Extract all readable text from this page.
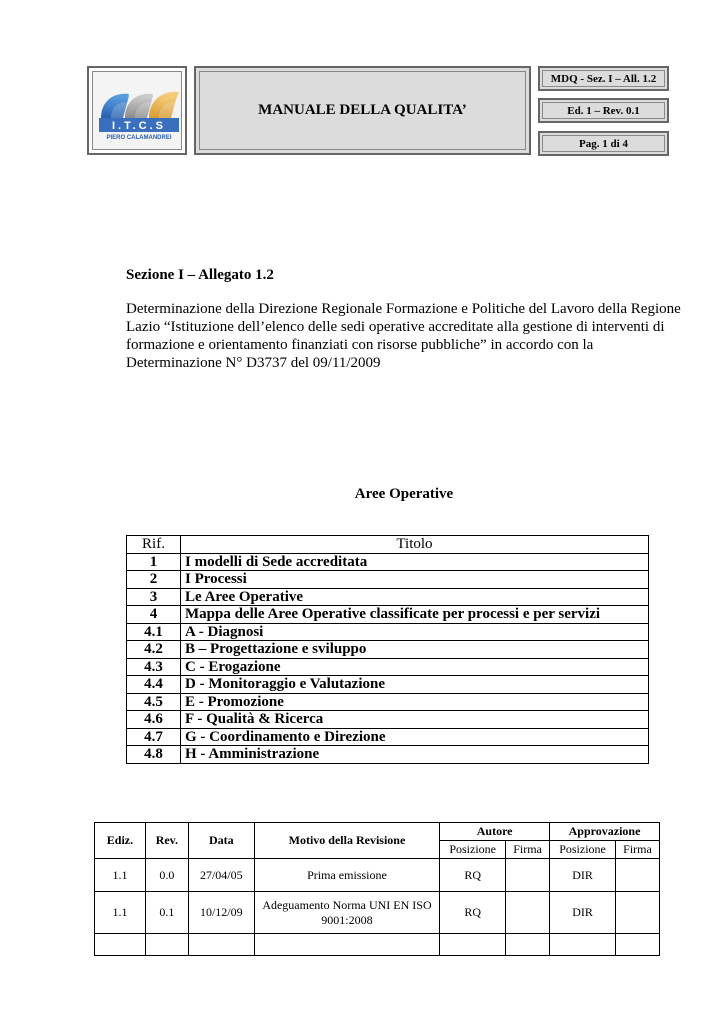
I.T.C.S
PIERO CALAMANDREI
MANUALE DELLA QUALITA’
MDQ - Sez. I – All. 1.2
Ed. 1 – Rev. 0.1
Pag. 1 di 4
Sezione I – Allegato 1.2
Determinazione della Direzione Regionale Formazione e Politiche del Lavoro della Regione Lazio “Istituzione dell’elenco delle sedi operative accreditate alla gestione di interventi di formazione e orientamento finanziati con risorse pubbliche” in accordo con la Determinazione N° D3737 del 09/11/2009
Aree Operative
Rif.	Titolo
1	I modelli di Sede accreditata
2	I Processi
3	Le Aree Operative
4	Mappa delle Aree Operative classificate per processi e per servizi
4.1	A - Diagnosi
4.2	B – Progettazione e sviluppo
4.3	C - Erogazione
4.4	D - Monitoraggio e Valutazione
4.5	E - Promozione
4.6	F - Qualità & Ricerca
4.7	G - Coordinamento e Direzione
4.8	H - Amministrazione
Ediz.	Rev.	Data	Motivo della Revisione	Autore		Approvazione	
				Posizione	Firma	Posizione	Firma
1.1	0.0	27/04/05	Prima emissione	RQ		DIR	
1.1	0.1	10/12/09	Adeguamento Norma UNI EN ISO 9001:2008	RQ		DIR	
